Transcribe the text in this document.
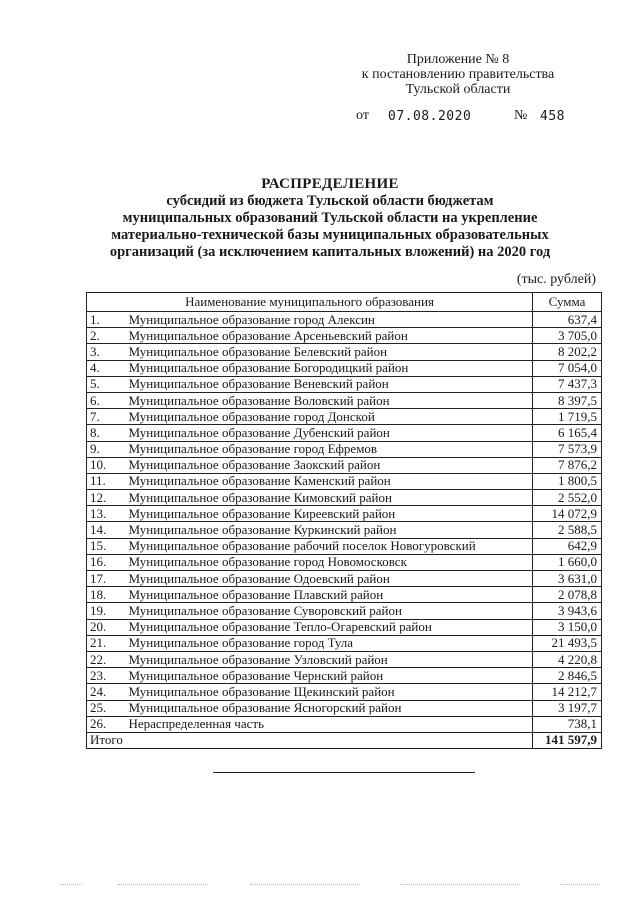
Приложение № 8
к постановлению правительства
Тульской области
от 07.08.2020	№ 458
РАСПРЕДЕЛЕНИЕ
субсидий из бюджета Тульской области бюджетам
муниципальных образований Тульской области на укрепление
материально-технической базы муниципальных образовательных
организаций (за исключением капитальных вложений) на 2020 год
(тыс. рублей)
Наименование муниципального образования		Сумма
1.	Муниципальное образование город Алексин	637,4
2.	Муниципальное образование Арсеньевский район	3 705,0
3.	Муниципальное образование Белевский район	8 202,2
4.	Муниципальное образование Богородицкий район	7 054,0
5.	Муниципальное образование Веневский район	7 437,3
6.	Муниципальное образование Воловский район	8 397,5
7.	Муниципальное образование город Донской	1 719,5
8.	Муниципальное образование Дубенский район	6 165,4
9.	Муниципальное образование город Ефремов	7 573,9
10.	Муниципальное образование Заокский район	7 876,2
11.	Муниципальное образование Каменский район	1 800,5
12.	Муниципальное образование Кимовский район	2 552,0
13.	Муниципальное образование Киреевский район	14 072,9
14.	Муниципальное образование Куркинский район	2 588,5
15.	Муниципальное образование рабочий поселок Новогуровский	642,9
16.	Муниципальное образование город Новомосковск	1 660,0
17.	Муниципальное образование Одоевский район	3 631,0
18.	Муниципальное образование Плавский район	2 078,8
19.	Муниципальное образование Суворовский район	3 943,6
20.	Муниципальное образование Тепло-Огаревский район	3 150,0
21.	Муниципальное образование город Тула	21 493,5
22.	Муниципальное образование Узловский район	4 220,8
23.	Муниципальное образование Чернский район	2 846,5
24.	Муниципальное образование Щекинский район	14 212,7
25.	Муниципальное образование Ясногорский район	3 197,7
26.	Нераспределенная часть	738,1
Итого		141 597,9
